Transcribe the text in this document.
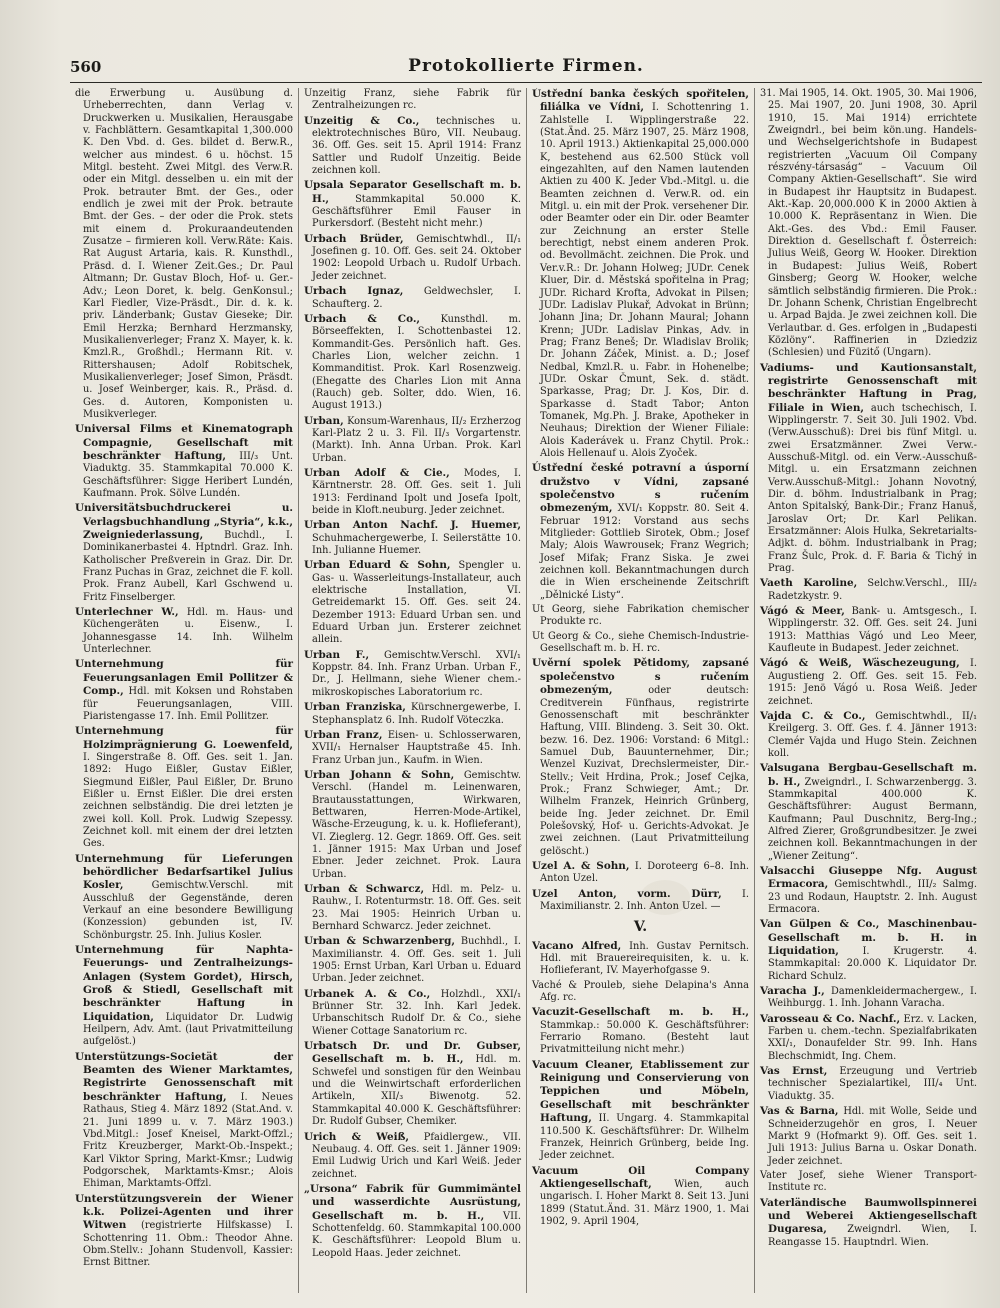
560	Protokollierte Firmen.

die Erwerbung u. Ausübung d. Urheberrechten, dann Verlag v. Druckwerken u. Musikalien, Herausgabe v. Fachblättern. Gesamtkapital 1,300.000 K. Den Vbd. d. Ges. bildet d. Berw.R., welcher aus mindest. 6 u. höchst. 15 Mitgl. besteht. Zwei Mitgl. des Verw.R. oder ein Mitgl. desselben u. ein mit der Prok. betrauter Bmt. der Ges., oder endlich je zwei mit der Prok. betraute Bmt. der Ges. – der oder die Prok. stets mit einem d. Prokuraandeutenden Zusatze – firmieren koll. Verw.Räte: Kais. Rat August Artaria, kais. R. Kunsthdl., Präsd. d. I. Wiener Zeit.Ges.; Dr. Paul Altmann; Dr. Gustav Bloch, Hof- u. Ger.-Adv.; Leon Doret, k. belg. GenKonsul.; Karl Fiedler, Vize-Präsdt., Dir. d. k. k. priv. Länderbank; Gustav Gieseke; Dir. Emil Herzka; Bernhard Herzmansky, Musikalienverleger; Franz X. Mayer, k. k. Kmzl.R., Großhdl.; Hermann Rit. v. Rittershausen; Adolf Robitschek, Musikalienverleger; Josef Simon, Präsdt. u. Josef Weinberger, kais. R., Präsd. d. Ges. d. Autoren, Komponisten u. Musikverleger.

Universal Films et Kinematograph Compagnie, Gesellschaft mit beschränkter Haftung, III/₃ Unt. Viaduktg. 35. Stammkapital 70.000 K. Geschäftsführer: Sigge Heribert Lundén, Kaufmann. Prok. Sölve Lundén.

Universitätsbuchdruckerei u. Verlagsbuchhandlung „Styria“, k.k., Zweigniederlassung, Buchdl., I. Dominikanerbastei 4. Hptndrl. Graz. Inh. Katholischer Preßverein in Graz. Dir. Dr. Franz Puchas in Graz, zeichnet die F. koll. Prok. Franz Aubell, Karl Gschwend u. Fritz Finselberger.

Unterlechner W., Hdl. m. Haus- und Küchengeräten u. Eisenw., I. Johannesgasse 14. Inh. Wilhelm Unterlechner.

Unternehmung für Feuerungsanlagen Emil Pollitzer & Comp., Hdl. mit Koksen und Rohstaben für Feuerungsanlagen, VIII. Piaristengasse 17. Inh. Emil Pollitzer.

Unternehmung für Holzimprägnierung G. Loewenfeld, I. Singerstraße 8. Off. Ges. seit 1. Jan. 1892: Hugo Eißler, Gustav Eißler, Siegmund Eißler, Paul Eißler, Dr. Bruno Eißler u. Ernst Eißler. Die drei ersten zeichnen selbständig. Die drei letzten je zwei koll. Koll. Prok. Ludwig Szepessy. Zeichnet koll. mit einem der drei letzten Ges.

Unternehmung für Lieferungen behördlicher Bedarfsartikel Julius Kosler,	Gemischtw.Verschl. mit Ausschluß der Gegenstände, deren Verkauf an eine besondere Bewilligung (Konzession) gebunden ist, IV. Schönburgstr. 25. Inh. Julius Kosler.

Unternehmung für Naphta-Feuerungs- und Zentralheizungs-Anlagen (System Gordet), Hirsch, Groß & Stiedl, Gesellschaft mit beschränkter Haftung in Liquidation, Liquidator Dr. Ludwig Heilpern, Adv. Amt. (laut Privatmitteilung aufgelöst.)

Unterstützungs-Societät der Beamten des Wiener Marktamtes, Registrirte Genossenschaft mit beschränkter Haftung, I. Neues Rathaus, Stieg 4. März 1892 (Stat.And. v. 21. Juni 1899 u. v. 7. März 1903.) Vbd.Mitgl.: Josef Kneisel, Markt-Offzl.; Fritz Kreuzberger, Markt-Ob.-Inspekt.; Karl Viktor Spring, Markt-Kmsr.; Ludwig Podgorschek, Marktamts-Kmsr.; Alois Ehiman, Marktamts-Offzl.

Unterstützungsverein der Wiener k.k. Polizei-Agenten und ihrer Witwen (registrierte Hilfskasse) I. Schottenring 11. Obm.: Theodor Ahne. Obm.Stellv.: Johann Studenvoll, Kassier: Ernst Bittner.

Unzeitig Franz, siehe Fabrik für Zentralheizungen rc.

Unzeitig & Co., technisches u. elektrotechnisches Büro, VII. Neubaug. 36. Off. Ges. seit 15. April 1914: Franz Sattler und Rudolf Unzeitig. Beide zeichnen koll.

Upsala Separator Gesellschaft m. b. H.,	Stammkapital 50.000 K. Geschäftsführer Emil Fauser in Purkersdorf. (Besteht nicht mehr.)

Urbach Brüder, Gemischtwhdl., II/₁ Josefinen g. 10. Off. Ges. seit 24. Oktober 1902: Leopold Urbach u. Rudolf Urbach. Jeder zeichnet.

Urbach Ignaz, Geldwechsler, I. Schaufterg. 2.

Urbach & Co., Kunsthdl. m. Börseeffekten, I. Schottenbastei 12. Kommandit-Ges. Persönlich haft. Ges. Charles Lion, welcher zeichn. 1 Kommanditist. Prok. Karl Rosenzweig. (Ehegatte des Charles Lion mit Anna (Rauch) geb. Solter, ddo. Wien, 16. August 1913.)

Urban, Konsum-Warenhaus, II/₂ Erzherzog Karl-Platz 2 u. 3. Fil. II/₃ Vorgartenstr. (Markt). Inh. Anna Urban. Prok. Karl Urban.

Urban Adolf & Cie., Modes, I. Kärntnerstr. 28. Off. Ges. seit 1. Juli 1913: Ferdinand Ipolt und Josefa Ipolt, beide in Kloft.neuburg. Jeder zeichnet.

Urban Anton Nachf. J. Huemer, Schuhmachergewerbe, I. Seilerstätte 10. Inh. Julianne Huemer.

Urban Eduard & Sohn, Spengler u. Gas- u. Wasserleitungs-Installateur, auch elektrische Installation, VI. Getreidemarkt 15. Off. Ges. seit 24. Dezember 1913: Eduard Urban sen. und Eduard Urban jun. Ersterer zeichnet allein.

Urban F., Gemischtw.Verschl. XVI/₁ Koppstr. 84. Inh. Franz Urban. Urban F., Dr., J. Hellmann, siehe Wiener chem.-mikroskopisches Laboratorium rc.

Urban Franziska, Kürschnergewerbe, I. Stephansplatz 6. Inh. Rudolf Vöteczka.

Urban Franz, Eisen- u. Schlosserwaren, XVII/₁ Hernalser Hauptstraße 45. Inh. Franz Urban jun., Kaufm. in Wien.

Urban Johann & Sohn, Gemischtw. Verschl. (Handel m. Leinenwaren, Brautausstattungen, Wirkwaren, Bettwaren, Herren-Mode-Artikel, Wäsche-Erzeugung, k. u. k. Hoflieferant), VI. Zieglerg. 12. Gegr. 1869. Off. Ges. seit 1. Jänner 1915: Max Urban und Josef Ebner. Jeder zeichnet. Prok. Laura Urban.

Urban & Schwarcz, Hdl. m. Pelz- u. Rauhw., I. Rotenturmstr. 18. Off. Ges. seit 23. Mai 1905: Heinrich Urban u. Bernhard Schwarcz. Jeder zeichnet.

Urban & Schwarzenberg, Buchhdl., I. Maximilianstr. 4. Off. Ges. seit 1. Juli 1905: Ernst Urban, Karl Urban u. Eduard Urban. Jeder zeichnet.

Urbanek A. & Co., Holzhdl., XXI/₁ Brünner Str. 32. Inh. Karl Jedek. Urbanschitsch Rudolf Dr. & Co., siehe Wiener Cottage Sanatorium rc.

Urbatsch Dr. und Dr. Gubser, Gesellschaft m. b. H., Hdl. m. Schwefel und sonstigen für den Weinbau und die Weinwirtschaft erforderlichen Artikeln, XII/₃ Biwenotg. 52. Stammkapital 40.000 K. Geschäftsführer: Dr. Rudolf Gubser, Chemiker.

Urich & Weiß, Pfaidlergew., VII. Neubaug. 4. Off. Ges. seit 1. Jänner 1909: Emil Ludwig Urich und Karl Weiß. Jeder zeichnet.

„Ursona“ Fabrik für Gummimäntel und wasserdichte Ausrüstung, Gesellschaft m. b. H., VII. Schottenfeldg. 60. Stammkapital 100.000 K. Geschäftsführer: Leopold Blum u. Leopold Haas. Jeder zeichnet.

Ústřední banka českých spořitelen, filiálka ve Vídni, I. Schottenring 1. Zahlstelle I. Wipplingerstraße 22. (Stat.Änd. 25. März 1907, 25. März 1908, 10. April 1913.) Aktienkapital 25,000.000 K, bestehend aus 62.500 Stück voll eingezahlten, auf den Namen lautenden Aktien zu 400 K. Jeder Vbd.-Mitgl. u. die Beamten zeichnen d. Verw.R. od. ein Mitgl. u. ein mit der Prok. versehener Dir. oder Beamter oder ein Dir. oder Beamter zur Zeichnung an erster Stelle berechtigt, nebst einem anderen Prok. od. Bevollmächt. zeichnen. Die Prok. und Ver.v.R.: Dr. Johann Holweg; JUDr. Cenek Kluer, Dir. d. Městská spořitelna in Prag; JUDr. Richard Krofta, Advokat in Pilsen; JUDr. Ladislav Plukař, Advokat in Brünn; Johann Jina; Dr. Johann Maural; Johann Krenn; JUDr. Ladislav Pinkas, Adv. in Prag; Franz Beneš; Dr. Wladislav Brolik; Dr. Johann Záček, Minist. a. D.; Josef Nedbal, Kmzl.R. u. Fabr. in Hohenelbe; JUDr. Oskar Čmunt, Sek. d. städt. Sparkasse, Prag; Dr. J. Kos, Dir. d. Sparkasse d. Stadt Tabor; Anton Tomanek, Mg.Ph. J. Brake, Apotheker in Neuhaus; Direktion der Wiener Filiale: Alois Kaderávek u. Franz Chytil. Prok.: Alois Hellenauf u. Alois Zyoček.

Ústřední české potravní a úsporní družstvo v Vídni, zapsané společenstvo s ručením obmezeným, XVI/₁ Koppstr. 80. Seit 4. Februar 1912: Vorstand aus sechs Mitglieder: Gottlieb Sirotek, Obm.; Josef Maly; Alois Wawrousek; Franz Wegrich; Josef Mifak; Franz Siska. Je zwei zeichnen koll. Bekanntmachungen durch die in Wien erscheinende Zeitschrift „Dělnické Listy“.

Ut Georg, siehe Fabrikation chemischer Produkte rc.

Ut Georg & Co., siehe Chemisch-Industrie-Gesellschaft m. b. H. rc.

Uvěrní spolek Pětidomy, zapsané společenstvo s ručením obmezeným,	oder deutsch: Creditverein Fünfhaus, registrirte Genossenschaft mit beschränkter Haftung, VIII. Blindeng. 3. Seit 30. Okt. bezw. 16. Dez. 1906: Vorstand: 6 Mitgl.: Samuel Dub, Bauunternehmer, Dir.; Wenzel Kuzivat, Drechslermeister, Dir.-Stellv.; Veit Hrdina, Prok.; Josef Cejka, Prok.; Franz Schwieger, Amt.; Dr. Wilhelm Franzek, Heinrich Grünberg, beide Ing. Jeder zeichnet. Dr. Emil Polešovský, Hof- u. Gerichts-Advokat. Je zwei zeichnen. (Laut Privatmitteilung gelöscht.)

Uzel A. & Sohn, I. Doroteerg 6–8. Inh. Anton Uzel.

Uzel Anton, vorm. Dürr, I. Maximilianstr. 2. Inh. Anton Uzel. —

V.

Vacano Alfred, Inh. Gustav Pernitsch. Hdl. mit Brauereirequisiten, k. u. k. Hoflieferant, IV. Mayerhofgasse 9.

Vaché & Prouleb, siehe Delapina's Anna Afg. rc.

Vacuzit-Gesellschaft m. b. H., Stammkap.: 50.000 K. Geschäftsführer: Ferrario Romano. (Besteht laut Privatmitteilung nicht mehr.)

Vacuum Cleaner, Etablissement zur Reinigung und Conservierung von Teppichen und Möbeln, Gesellschaft mit beschränkter Haftung, II. Ungarg. 4. Stammkapital 110.500 K. Geschäftsführer: Dr. Wilhelm Franzek, Heinrich Grünberg, beide Ing. Jeder zeichnet.

Vacuum Oil Company Aktiengesellschaft, Wien, auch ungarisch. I. Hoher Markt 8. Seit 13. Juni 1899 (Statut.Änd. 31. März 1900, 1. Mai 1902, 9. April 1904,

31. Mai 1905, 14. Okt. 1905, 30. Mai 1906, 25. Mai 1907, 20. Juni 1908, 30. April 1910, 15. Mai 1914) errichtete Zweigndrl., bei beim kön.ung. Handels- und Wechselgerichtshofe in Budapest registrierten „Vacuum Oil Company részvény-társaság“ – Vacuum Oil Company Aktien-Gesellschaft“. Sie wird in Budapest ihr Hauptsitz in Budapest. Akt.-Kap. 20,000.000 K in 2000 Aktien à 10.000 K. Repräsentanz in Wien. Die Akt.-Ges. des Vbd.: Emil Fauser. Direktion d. Gesellschaft f. Österreich: Julius Weiß, Georg W. Hooker. Direktion in Budapest: Julius Weiß, Robert Ginsberg; Georg W. Hooker, welche sämtlich selbständig firmieren. Die Prok.: Dr. Johann Schenk, Christian Engelbrecht u. Arpad Bajda. Je zwei zeichnen koll. Die Verlautbar. d. Ges. erfolgen in „Budapesti Közlöny“. Raffinerien in Dziedziz (Schlesien) und Füzitő (Ungarn).

Vadiums- und Kautionsanstalt, registrirte Genossenschaft mit beschränkter Haftung in Prag, Filiale in Wien, auch tschechisch, I. Wipplingerstr. 7. Seit 30. Juli 1902. Vbd. (Verw.Ausschuß): Drei bis fünf Mitgl. u. zwei Ersatzmänner. Zwei Verw.-Ausschuß-Mitgl. od. ein Verw.-Ausschuß-Mitgl. u. ein Ersatzmann zeichnen Verw.Ausschuß-Mitgl.: Johann Novotný, Dir. d. böhm. Industrialbank in Prag; Anton Spitalský, Bank-Dir.; Franz Hanuš, Jaroslav Ort; Dr. Karl Pelikan. Ersatzmänner: Alois Hulka, Sekretarialts-Adjkt. d. böhm. Industrialbank in Prag; Franz Šulc, Prok. d. F. Baria & Tichý in Prag.

Vaeth Karoline, Selchw.Verschl., III/₂ Radetzkystr. 9.

Vágó & Meer, Bank- u. Amtsgesch., I. Wipplingerstr. 32. Off. Ges. seit 24. Juni 1913: Matthias Vágó und Leo Meer, Kaufleute in Budapest. Jeder zeichnet.

Vágó & Weiß, Wäschezeugung, I. Augustieng 2. Off. Ges. seit 15. Feb. 1915: Jenö Vágó u. Rosa Weiß. Jeder zeichnet.

Vajda C. & Co., Gemischtwhdl., II/₁ Kreilgerg. 3. Off. Ges. f. 4. Jänner 1913: Clemér Vajda und Hugo Stein. Zeichnen koll.

Valsugana Bergbau-Gesellschaft m. b. H., Zweigndrl., I. Schwarzenbergg. 3. Stammkapital 400.000 K. Geschäftsführer: August Bermann, Kaufmann; Paul Duschnitz, Berg-Ing.; Alfred Zierer, Großgrundbesitzer. Je zwei zeichnen koll. Bekanntmachungen in der „Wiener Zeitung“.

Valsacchi Giuseppe Nfg. August Ermacora, Gemischtwhdl., III/₂ Salmg. 23 und Rodaun, Hauptstr. 2. Inh. August Ermacora.

Van Gülpen & Co., Maschinenbau-Gesellschaft m. b. H. in Liquidation, I. Krugerstr. 4. Stammkapital: 20.000 K. Liquidator Dr. Richard Schulz.

Varacha J., Damenkleidermachergew., I. Weihburgg. 1. Inh. Johann Varacha.

Varosseau & Co. Nachf., Erz. v. Lacken, Farben u. chem.-techn. Spezialfabrikaten XXI/₁, Donaufelder Str. 99. Inh. Hans Blechschmidt, Ing. Chem.

Vas Ernst, Erzeugung und Vertrieb technischer Spezialartikel, III/₄ Unt. Viaduktg. 35.

Vas & Barna, Hdl. mit Wolle, Seide und Schneiderzugehör en gros, I. Neuer Markt 9 (Hofmarkt 9). Off. Ges. seit 1. Juli 1913: Julius Barna u. Oskar Donath. Jeder zeichnet.

Vater Josef, siehe Wiener Transport-Institute rc.

Vaterländische Baumwollspinnerei und Weberei Aktiengesellschaft Dugaresa, Zweigndrl. Wien, I. Reangasse 15. Hauptndrl. Wien.
